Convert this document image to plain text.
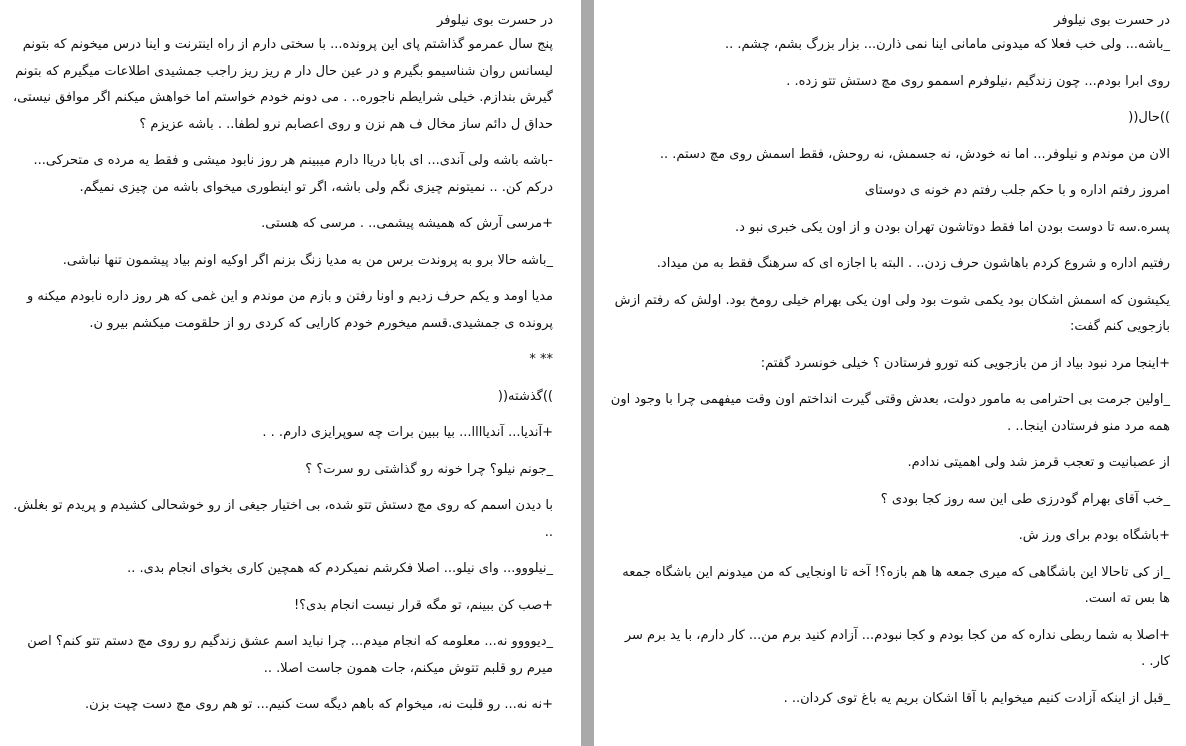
در حسرت بوی نیلوفر

پنج سال عمرمو گذاشتم پای این پرونده... با سختی دارم از راه اینترنت و اینا درس میخونم که بتونم لیسانس روان شناسیمو بگیرم و در عین حال دار م ریز ریز راجب جمشیدی اطلاعات میگیرم که بتونم گیرش بندازم. خیلی شرایطم ناجوره.. . می دونم خودم خواستم اما خواهش میکنم اگر موافق نیستی، حداق ل دائم ساز مخال ف هم نزن و روی اعصابم نرو لطفا.. . باشه عزیزم ؟

-باشه باشه ولی آندی... ای بابا دریاا دارم میبینم هر روز نابود میشی و فقط یه مرده ی متحرکی... درکم کن. .. نمیتونم چیزی نگم ولی باشه، اگر تو اینطوری میخوای باشه من چیزی نمیگم.

+مرسی آرش که همیشه پیشمی.. . مرسی که هستی.

_باشه حالا برو به پروندت برس من به مدیا زنگ بزنم اگر اوکیه اونم بیاد پیشمون تنها نباشی.

مدیا اومد و یکم حرف زدیم و اونا رفتن و بازم من موندم و این غمی که هر روز داره نابودم میکنه و پرونده ی جمشیدی.قسم میخورم خودم کارایی که کردی رو از حلقومت میکشم بیرو ن.

** *

))گذشته((

+آندیا... آندیاااا... بیا ببین برات چه سوپرایزی دارم. . .

_جونم نیلو؟ چرا خونه رو گذاشتی رو سرت؟ ؟

با دیدن اسمم که روی مچ دستش تتو شده، بی اختیار جیغی از رو خوشحالی کشیدم و پریدم تو بغلش. ..

_نیلووو... وای نیلو... اصلا فکرشم نمیکردم که همچین کاری بخوای انجام بدی. ..

+صب کن ببینم، تو مگه قرار نیست انجام بدی؟!

_دیوووو نه... معلومه که انجام میدم... چرا نباید اسم عشق زندگیم رو روی مچ دستم تتو کنم؟ اصن میرم رو قلبم تتوش میکنم، جات همون جاست اصلا. ..

+نه نه... رو قلبت نه، میخوام که باهم دیگه ست کنیم... تو هم روی مچ دست چپت بزن.

در حسرت بوی نیلوفر

_باشه... ولی خب فعلا که میدونی مامانی اینا نمی ذارن... بزار بزرگ بشم، چشم. ..

روی ابرا بودم... چون زندگیم ،نیلوفرم اسممو روی مچ دستش تتو زده. .

))حال((

الان من موندم و نیلوفر... اما نه خودش، نه جسمش، نه روحش، فقط اسمش روی مچ دستم. ..

امروز رفتم اداره و با حکم جلب رفتم دم خونه ی دوستای

پسره.سه تا دوست بودن اما فقط دوتاشون تهران بودن و از اون یکی خبری نبو د.

رفتیم اداره و شروع کردم باهاشون حرف زدن.. . البته با اجازه ای که سرهنگ فقط به من میداد.

یکیشون که اسمش اشکان بود یکمی شوت بود ولی اون یکی بهرام خیلی رومخ بود. اولش که رفتم ازش بازجویی کنم گفت:

+اینجا مرد نبود بیاد از من بازجویی کنه تورو فرستادن ؟ خیلی خونسرد گفتم:

_اولین جرمت بی احترامی به مامور دولت، بعدش وقتی گیرت انداختم اون وقت میفهمی چرا با وجود اون همه مرد منو فرستادن اینجا.. .

از عصبانیت و تعجب قرمز شد ولی اهمیتی ندادم.

_خب آقای بهرام گودرزی طی این سه روز کجا بودی ؟

+باشگاه بودم برای ورز ش.

_از کی تاحالا این باشگاهی که میری جمعه ها هم بازه؟! آخه تا اونجایی که من میدونم این باشگاه جمعه ها بس ته است.

+اصلا به شما ربطی نداره که من کجا بودم و کجا نبودم... آزادم کنید برم من... کار دارم، با ید برم سر کار. .

_قبل از اینکه آزادت کنیم میخوایم با آقا اشکان بریم یه باغ توی کردان.. .
